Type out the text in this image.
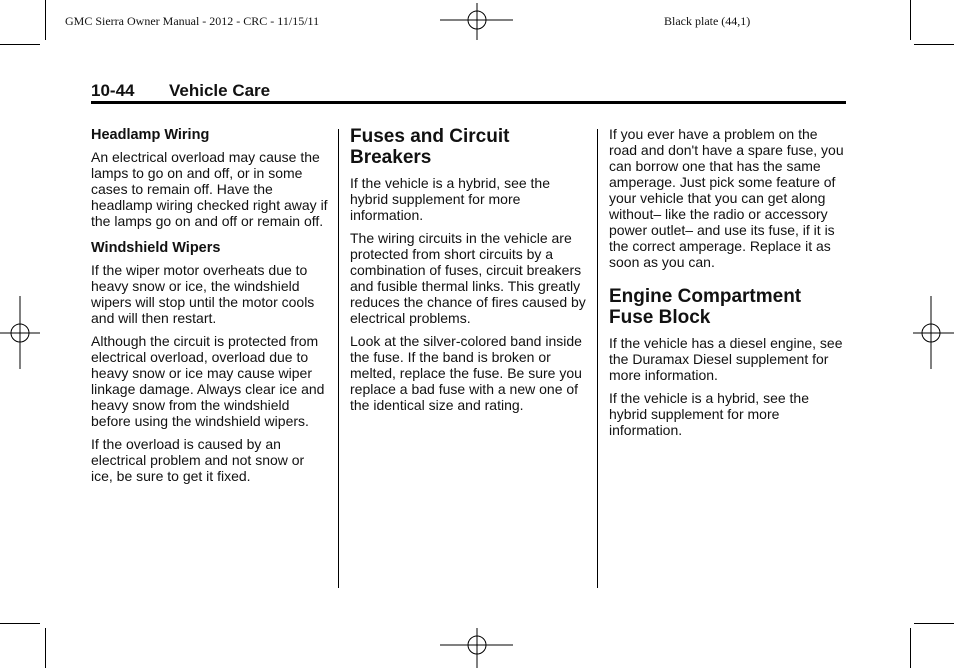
GMC Sierra Owner Manual - 2012 - CRC - 11/15/11	Black plate (44,1)
10-44 Vehicle Care
Headlamp Wiring

An electrical overload may cause the lamps to go on and off, or in some cases to remain off. Have the headlamp wiring checked right away if the lamps go on and off or remain off.

Windshield Wipers

If the wiper motor overheats due to heavy snow or ice, the windshield wipers will stop until the motor cools and will then restart.

Although the circuit is protected from electrical overload, overload due to heavy snow or ice may cause wiper linkage damage. Always clear ice and heavy snow from the windshield before using the windshield wipers.

If the overload is caused by an electrical problem and not snow or ice, be sure to get it fixed.

Fuses and Circuit Breakers

If the vehicle is a hybrid, see the hybrid supplement for more information.

The wiring circuits in the vehicle are protected from short circuits by a combination of fuses, circuit breakers and fusible thermal links. This greatly reduces the chance of fires caused by electrical problems.

Look at the silver-colored band inside the fuse. If the band is broken or melted, replace the fuse. Be sure you replace a bad fuse with a new one of the identical size and rating.

If you ever have a problem on the road and don't have a spare fuse, you can borrow one that has the same amperage. Just pick some feature of your vehicle that you can get along without– like the radio or accessory power outlet– and use its fuse, if it is the correct amperage. Replace it as soon as you can.

Engine Compartment Fuse Block

If the vehicle has a diesel engine, see the Duramax Diesel supplement for more information.

If the vehicle is a hybrid, see the hybrid supplement for more information.
